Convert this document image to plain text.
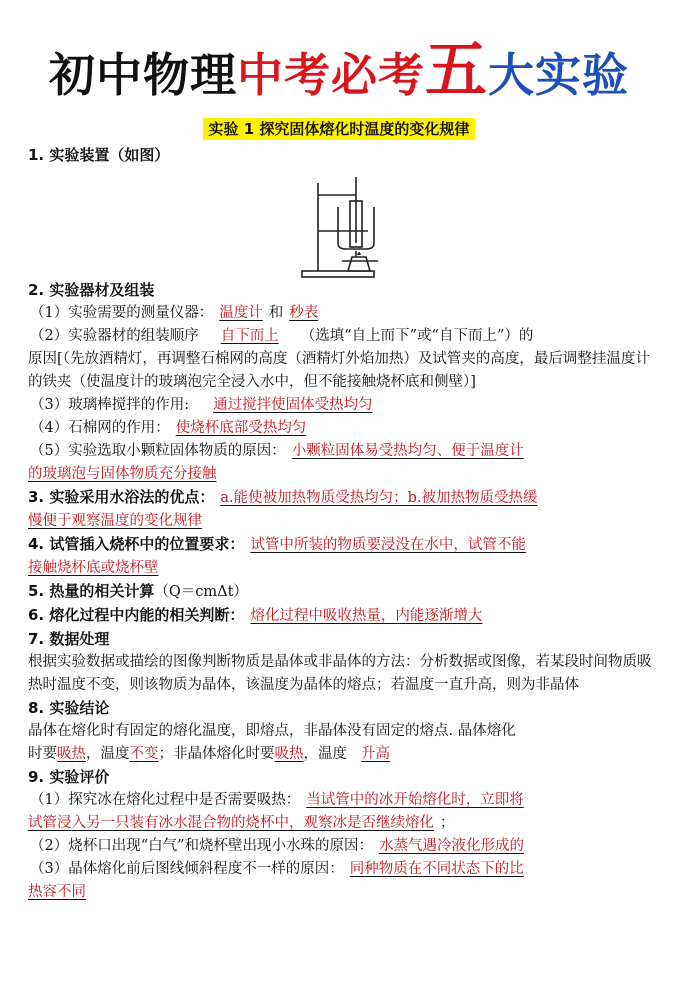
初中物理中考必考五大实验
实验 1 探究固体熔化时温度的变化规律
1. 实验装置（如图）
2. 实验器材及组装
（1）实验需要的测量仪器： 温度计 和 秒表
（2）实验器材的组装顺序 自下而上 （选填“自上而下”或“自下而上”）的
原因[（先放酒精灯，再调整石棉网的高度（酒精灯外焰加热）及试管夹的高度，最后调整挂温度计的铁夹（使温度计的玻璃泡完全浸入水中，但不能接触烧杯底和侧壁）]
（3）玻璃棒搅拌的作用: 通过搅拌使固体受热均匀
（4）石棉网的作用： 使烧杯底部受热均匀
（5）实验选取小颗粒固体物质的原因： 小颗粒固体易受热均匀、便于温度计
的玻璃泡与固体物质充分接触
3. 实验采用水浴法的优点： a.能使被加热物质受热均匀；b.被加热物质受热缓
慢便于观察温度的变化规律
4. 试管插入烧杯中的位置要求： 试管中所装的物质要浸没在水中，试管不能
接触烧杯底或烧杯壁
5. 热量的相关计算（Q＝cmΔt）
6. 熔化过程中内能的相关判断： 熔化过程中吸收热量，内能逐渐增大
7. 数据处理
根据实验数据或描绘的图像判断物质是晶体或非晶体的方法：分析数据或图像，若某段时间物质吸热时温度不变，则该物质为晶体，该温度为晶体的熔点；若温度一直升高，则为非晶体
8. 实验结论
晶体在熔化时有固定的熔化温度，即熔点，非晶体没有固定的熔点. 晶体熔化
时要吸热，温度不变；非晶体熔化时要吸热，温度 升高
9. 实验评价
（1）探究冰在熔化过程中是否需要吸热： 当试管中的冰开始熔化时，立即将
试管浸入另一只装有冰水混合物的烧杯中，观察冰是否继续熔化 ；
（2）烧杯口出现“白气”和烧杯壁出现小水珠的原因： 水蒸气遇冷液化形成的
（3）晶体熔化前后图线倾斜程度不一样的原因： 同种物质在不同状态下的比
热容不同
